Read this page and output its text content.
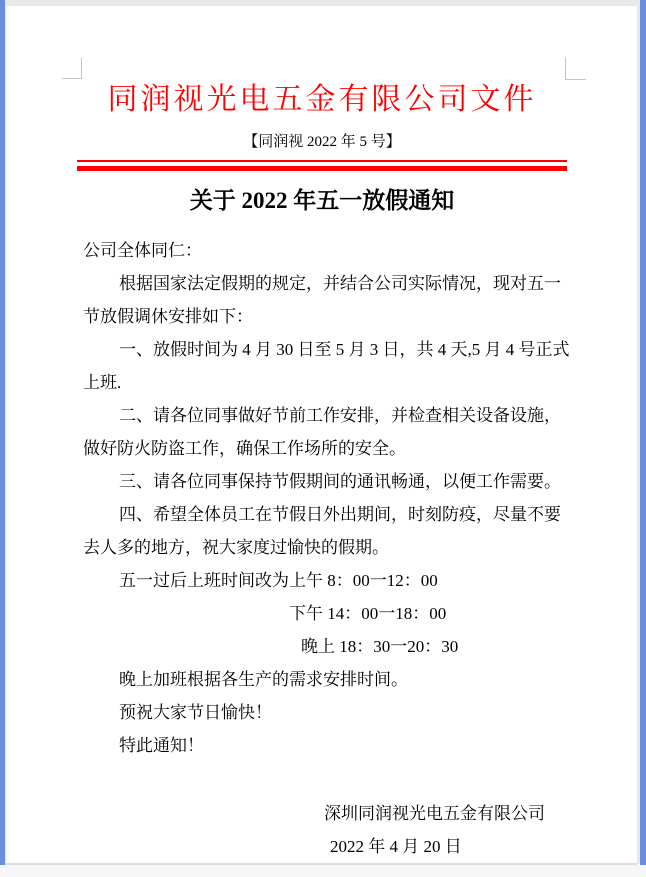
同润视光电五金有限公司文件
【同润视 2022 年 5 号】
关于 2022 年五一放假通知
公司全体同仁：
根据国家法定假期的规定，并结合公司实际情况，现对五一
节放假调休安排如下：
一、放假时间为 4 月 30 日至 5 月 3 日，共 4 天,5 月 4 号正式
上班.
二、请各位同事做好节前工作安排，并检查相关设备设施，
做好防火防盗工作，确保工作场所的安全。
三、请各位同事保持节假期间的通讯畅通，以便工作需要。
四、希望全体员工在节假日外出期间，时刻防疫，尽量不要
去人多的地方，祝大家度过愉快的假期。
五一过后上班时间改为上午 8：00一12：00
下午 14：00一18：00
晚上 18：30一20：30
晚上加班根据各生产的需求安排时间。
预祝大家节日愉快！
特此通知！
深圳同润视光电五金有限公司
2022 年 4 月 20 日
